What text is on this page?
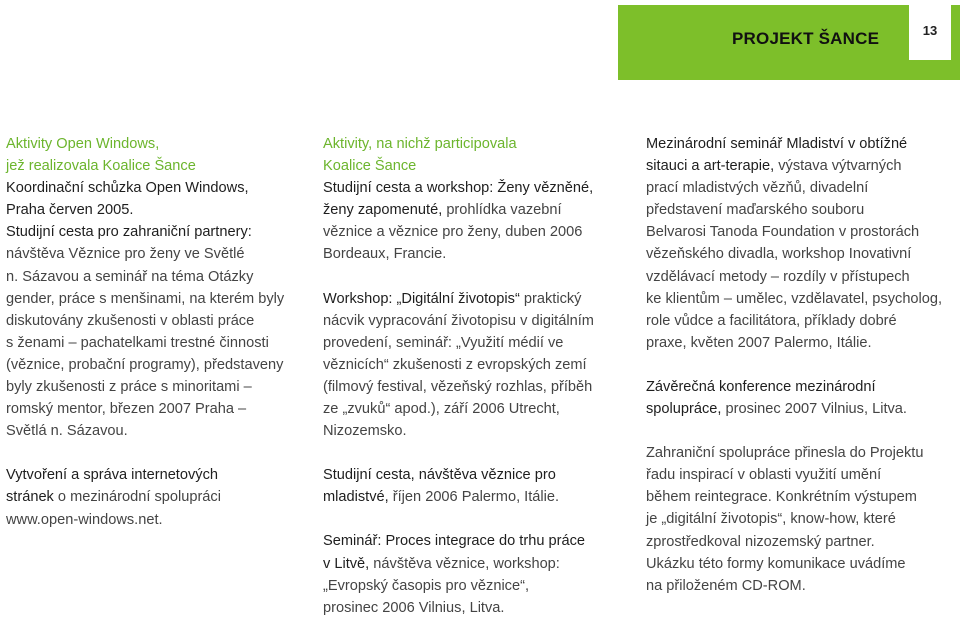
PROJEKT ŠANCE	13

Aktivity Open Windows,

jež realizovala Koalice Šance

Koordinační schůzka Open Windows,

Praha červen 2005.

Studijní cesta pro zahraniční partnery:

návštěva Věznice pro ženy ve Světlé

n. Sázavou a seminář na téma Otázky

gender, práce s menšinami, na kterém byly

diskutovány zkušenosti v oblasti práce

s ženami – pachatelkami trestné činnosti

(věznice, probační programy), představeny

byly zkušenosti z práce s minoritami –

romský mentor, březen 2007 Praha –

Světlá n. Sázavou.

Vytvoření a správa internetových

stránek o mezinárodní spolupráci

www.open-windows.net.

Aktivity, na nichž participovala

Koalice Šance

Studijní cesta a workshop: Ženy vězněné,

ženy zapomenuté, prohlídka vazební

věznice a věznice pro ženy, duben 2006

Bordeaux, Francie.

Workshop: „Digitální životopis“ praktický

nácvik vypracování životopisu v digitálním

provedení, seminář: „Využití médií ve

věznicích“ zkušenosti z evropských zemí

(filmový festival, vězeňský rozhlas, příběh

ze „zvuků“ apod.), září 2006 Utrecht,

Nizozemsko.

Studijní cesta, návštěva věznice pro

mladistvé, říjen 2006 Palermo, Itálie.

Seminář: Proces integrace do trhu práce

v Litvě, návštěva věznice, workshop:

„Evropský časopis pro věznice“,

prosinec 2006 Vilnius, Litva.

Mezinárodní seminář Mladiství v obtížné

sitauci a art-terapie, výstava výtvarných

prací mladistvých vězňů, divadelní

představení maďarského souboru

Belvarosi Tanoda Foundation v prostorách

vězeňského divadla, workshop Inovativní

vzdělávací metody – rozdíly v přístupech

ke klientům – umělec, vzdělavatel, psycholog,

role vůdce a facilitátora, příklady dobré

praxe, květen 2007 Palermo, Itálie.

Závěrečná konference mezinárodní

spolupráce, prosinec 2007 Vilnius, Litva.

Zahraniční spolupráce přinesla do Projektu

řadu inspirací v oblasti využití umění

během reintegrace. Konkrétním výstupem

je „digitální životopis“, know-how, které

zprostředkoval nizozemský partner.

Ukázku této formy komunikace uvádíme

na přiloženém CD-ROM.
